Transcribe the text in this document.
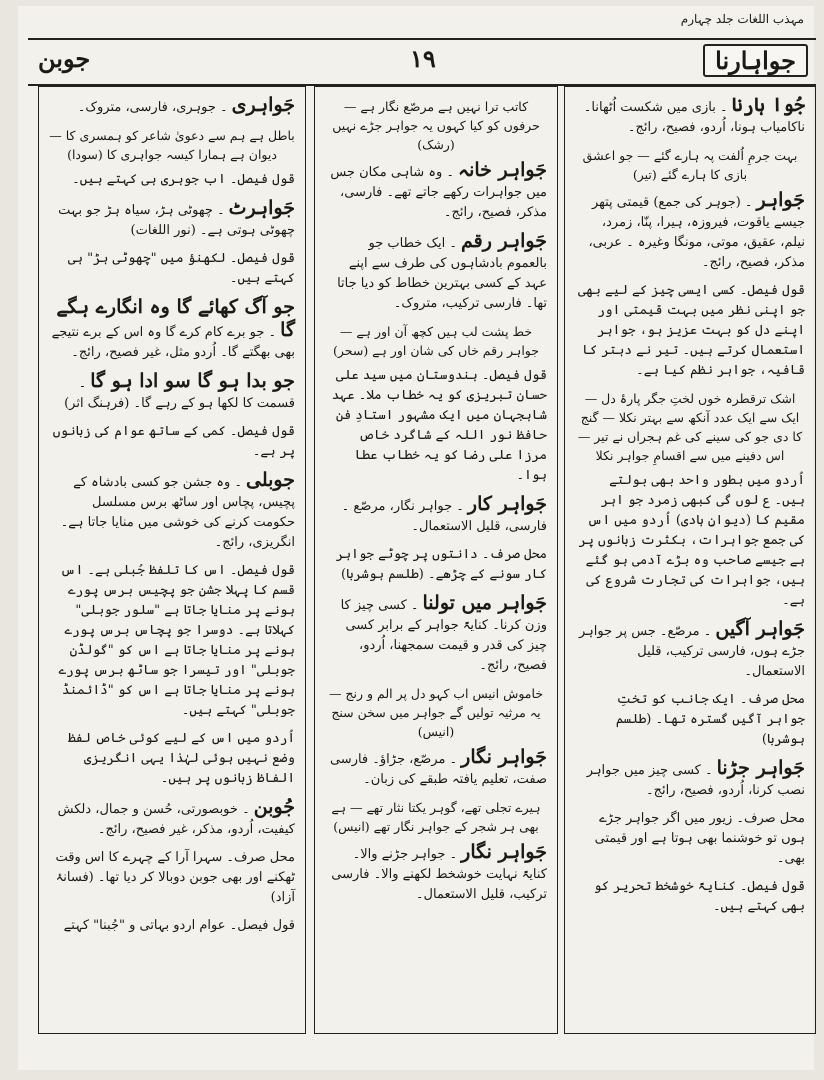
مہذب اللغات جلد چہارم
جواہارنا
۱۹
جوبن
جُوا ہارنا۔ بازی میں شکست اُٹھانا۔ ناکامیاب ہونا، اُردو، فصیح، رائج۔
بہت جرمِ اُلفت پہ ہارے گئے — جو اعشق بازی کا ہارے گئے (تیر)
جَواہر۔ (جوہر کی جمع) قیمتی پتھر جیسے یاقوت، فیروزہ، ہیرا، پنّا، زمرد، نیلم، عقیق، موتی، مونگا وغیرہ ۔ عربی، مذکر، فصیح، رائج۔
قول فیصل۔ کسی ایسی چیز کے لیے بھی جو اپنی نظر میں بہت قیمتی اور اپنے دل کو بہت عزیز ہو، جواہر استعمال کرتے ہیں۔ تیر نے دہتر کا قافیہ، جواہر نظم کیا ہے۔
اشک ترقطرہ خوں لختِ جگر پارۂ دل — ایک سے ایک عدد آنکھ سے بہتر نکلا — گنج کا دی جو کی سینے کی غم ہجراں نے تیر — اس دفینے میں سے اقسامِ جواہر نکلا
اُردو میں بطور واحد بھی بولتے ہیں۔ ع لوں گی کبھی زمرد جو اہر مقیم کا (دیوانِ ہادی) اُردو میں اس کی جمع جواہرات، بکثرت زبانوں پر ہے جیسے صاحب وہ بڑے آدمی ہو گئے ہیں، جواہرات کی تجارت شروع کی ہے۔
جَواہر آگیں۔ مرصّع۔ جس پر جواہر جڑے ہوں، فارسی ترکیب، قلیل الاستعمال۔
محل صرف۔ ایک جانب کو تختِ جواہر آگیں گسترہ تھا۔ (طلسم ہوشربا)
جَواہر جڑنا۔ کسی چیز میں جواہر نصب کرنا، اُردو، فصیح، رائج۔
محل صرف۔ زیور میں اگر جواہر جڑے ہوں تو خوشنما بھی ہوتا ہے اور قیمتی بھی۔
قول فیصل۔ کنایۃً خوشخط تحریر کو بھی کہتے ہیں۔
کاتب ترا نہیں ہے مرصّع نگار ہے — حرفوں کو کیا کہوں یہ جواہر جڑے نہیں (رشک)
جَواہر خانہ۔ وہ شاہی مکان جس میں جواہرات رکھے جاتے تھے۔ فارسی، مذکر، فصیح، رائج۔
جَواہر رقم۔ ایک خطاب جو بالعموم بادشاہوں کی طرف سے اپنے عہد کے کسی بہترین خطاط کو دیا جاتا تھا۔ فارسی ترکیب، متروک۔
خط پشت لب ہیں کچھ آن اور ہے — جواہر رقم خاں کی شان اور ہے (سحر)
قول فیصل۔ ہندوستان میں سید علی حسان تبریزی کو یہ خطاب ملا۔ عہد شاہجہان میں ایک مشہور استادِ فن حافظ نور اللہ کے شاگرد خاص مرزا علی رضا کو یہ خطاب عطا ہوا۔
جَواہر کار۔ جواہر نگار، مرصّع ۔ فارسی، قلیل الاستعمال۔
محل صرف۔ دانتوں پر چوٹے جواہر کار سونے کے چڑھے۔ (طلسم ہوشربا)
جَواہر میں تولنا۔ کسی چیز کا وزن کرنا۔ کنایۃً جواہر کے برابر کسی چیز کی قدر و قیمت سمجھنا، اُردو، فصیح، رائج۔
خاموش انیس اب کہو دل پر الم و رنج — یہ مرثیہ تولیں گے جواہر میں سخن سنج (انیس)
جَواہر نگار۔ مرصّع، جڑاؤ۔ فارسی صفت، تعلیم یافتہ طبقے کی زبان۔
ہیرے تجلی تھے، گوہر یکتا نثار تھے — ہے بھی ہر شجر کے جواہر نگار تھے (انیس)
جَواہر نگار۔ جواہر جڑنے والا۔ کنایۃً نہایت خوشخط لکھنے والا۔ فارسی ترکیب، قلیل الاستعمال۔
جَواہری۔ جوہری، فارسی، متروک۔
باطل ہے ہم سے دعویٰ شاعر کو ہمسری کا — دیوان ہے ہمارا کیسہ جواہری کا (سودا)
قول فیصل۔ اب جوہری ہی کہتے ہیں۔
جَواہرٹ۔ چھوٹی ہڑ، سیاہ ہڑ جو بہت چھوٹی ہوتی ہے۔ (نور اللغات)
قول فیصل۔ لکھنؤ میں "چھوٹی ہڑ" ہی کہتے ہیں۔
جو آگ کھائے گا وہ انگارے ہگے گا۔ جو برے کام کرے گا وہ اس کے برے نتیجے بھی بھگتے گا۔ اُردو مثل، غیر فصیح، رائج۔
جو بدا ہو گا سو ادا ہو گا۔ قسمت کا لکھا ہو کے رہے گا۔ (فرہنگ اثر)
قول فیصل۔ کمی کے ساتھ عوام کی زبانوں پر ہے۔
جوبلی۔ وہ جشن جو کسی بادشاہ کے پچیس، پچاس اور ساٹھ برس مسلسل حکومت کرنے کی خوشی میں منایا جاتا ہے۔ انگریزی، رائج۔
قول فیصل۔ اس کا تلفظ جُبلی ہے۔ اس قسم کا پہلا جشن جو پچیس برس پورے ہونے پر منایا جاتا ہے "سلور جوبلی" کہلاتا ہے۔ دوسرا جو پچاس برس پورے ہونے پر منایا جاتا ہے اس کو "گولڈن جوبلی" اور تیسرا جو ساٹھ برس پورے ہونے پر منایا جاتا ہے اس کو "ڈائمنڈ جوبلی" کہتے ہیں۔
اُردو میں اس کے لیے کوئی خاص لفظ وضع نہیں ہوئی لہٰذا یہی انگریزی الفاظ زبانوں پر ہیں۔
جُوبن۔ خوبصورتی، حُسن و جمال، دلکش کیفیت، اُردو، مذکر، غیر فصیح، رائج۔
محل صرف۔ سہرا آرا کے چہرے کا اس وقت ٹھکنے اور بھی جوبن دوبالا کر دیا تھا۔ (فسانۂ آزاد)
قول فیصل۔ عوام اردو بہاتی و "جُبنا" کہتے
